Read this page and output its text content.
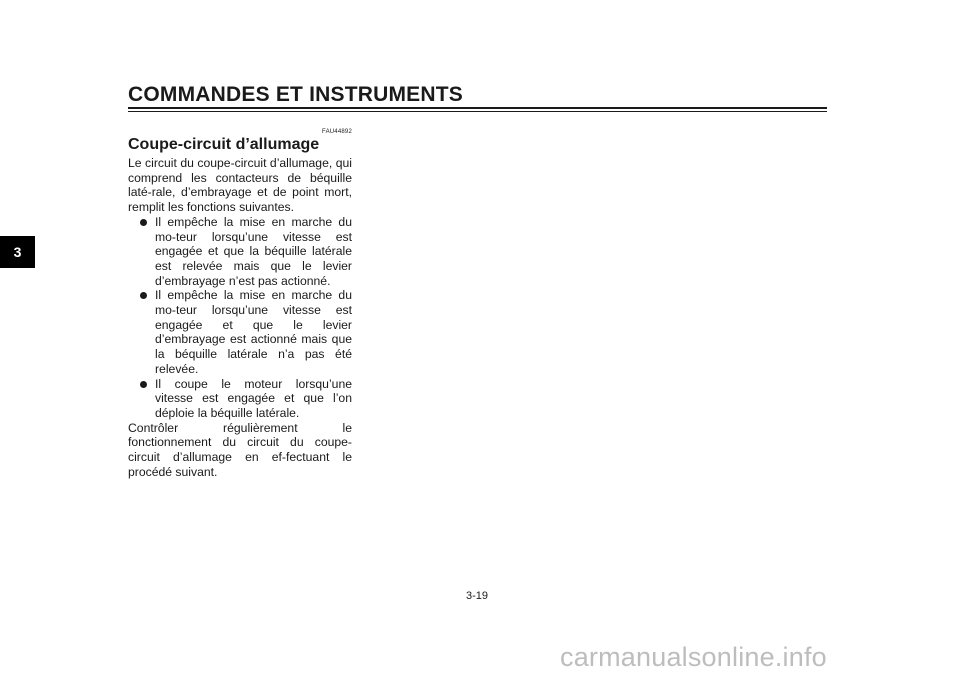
COMMANDES ET INSTRUMENTS
3
FAU44892
Coupe-circuit d’allumage

Le circuit du coupe-circuit d’allumage, qui comprend les contacteurs de béquille laté-rale, d’embrayage et de point mort, remplit les fonctions suivantes.

Il empêche la mise en marche du mo-teur lorsqu’une vitesse est engagée et que la béquille latérale est relevée mais que le levier d’embrayage n’est pas actionné.
Il empêche la mise en marche du mo-teur lorsqu’une vitesse est engagée et que le levier d’embrayage est actionné mais que la béquille latérale n’a pas été relevée.
Il coupe le moteur lorsqu’une vitesse est engagée et que l’on déploie la béquille latérale.

Contrôler régulièrement le fonctionnement du circuit du coupe-circuit d’allumage en ef-fectuant le procédé suivant.

3-19
carmanualsonline.info
